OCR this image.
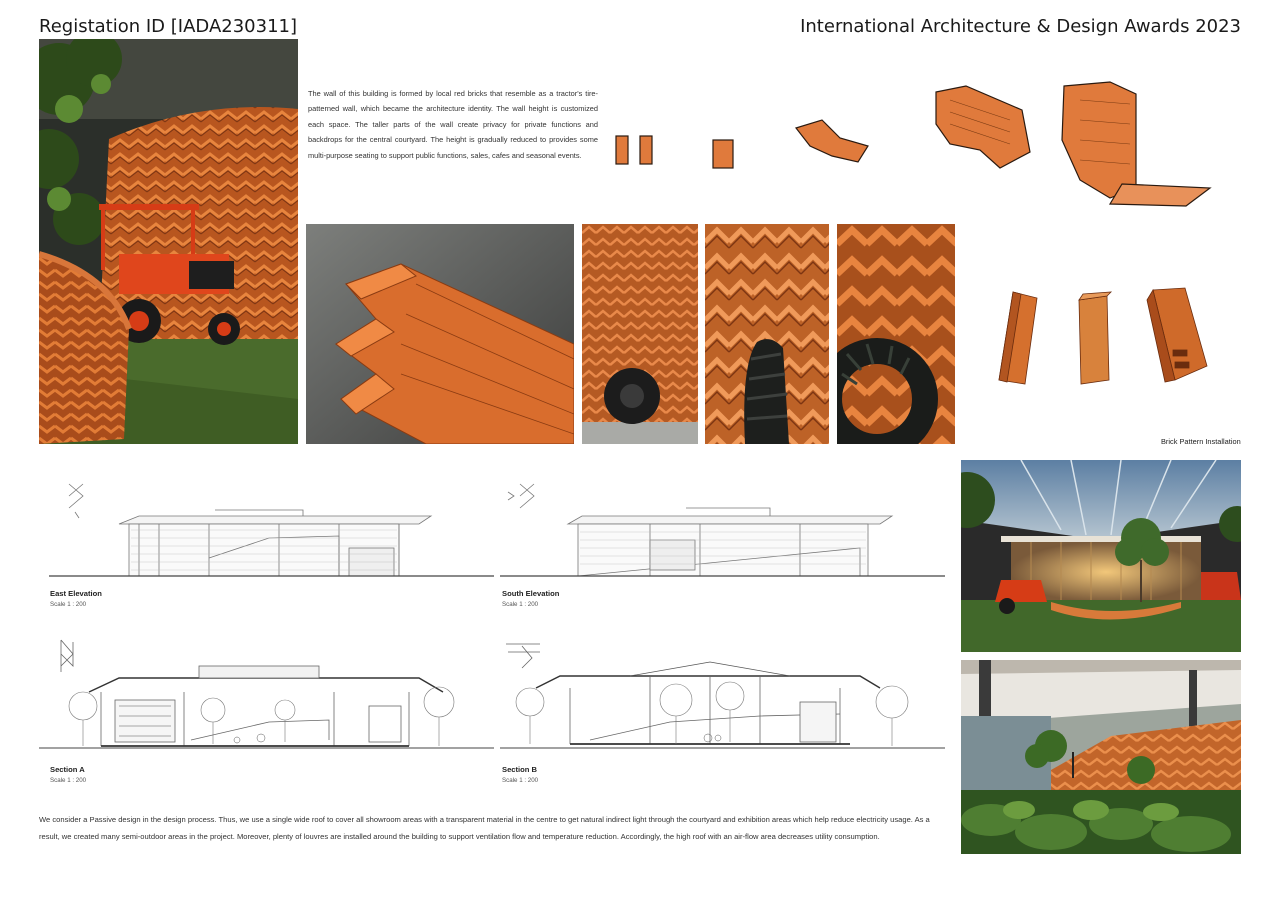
Registation ID [IADA230311]	International Architecture & Design Awards 2023
The wall of this building is formed by local red bricks that resemble as a tractor's tire-patterned wall, which became the architecture identity. The wall height is customized each space. The taller parts of the wall create privacy for private functions and backdrops for the central courtyard. The height is gradually reduced to provides some multi-purpose seating to support public functions, sales, cafes and seasonal events.
Brick Pattern Installation
East Elevation
Scale 1 : 200
South Elevation
Scale 1 : 200
Section A
Scale 1 : 200
Section B
Scale 1 : 200
We consider a Passive design in the design process. Thus, we use a single wide roof to cover all showroom areas with a transparent material in the centre to get natural indirect light through the courtyard and exhibition areas which help reduce electricity usage. As a result, we created many semi-outdoor areas in the project. Moreover, plenty of louvres are installed around the building to support ventilation flow and temperature reduction. Accordingly, the high roof with an air-flow area decreases utility consumption.
